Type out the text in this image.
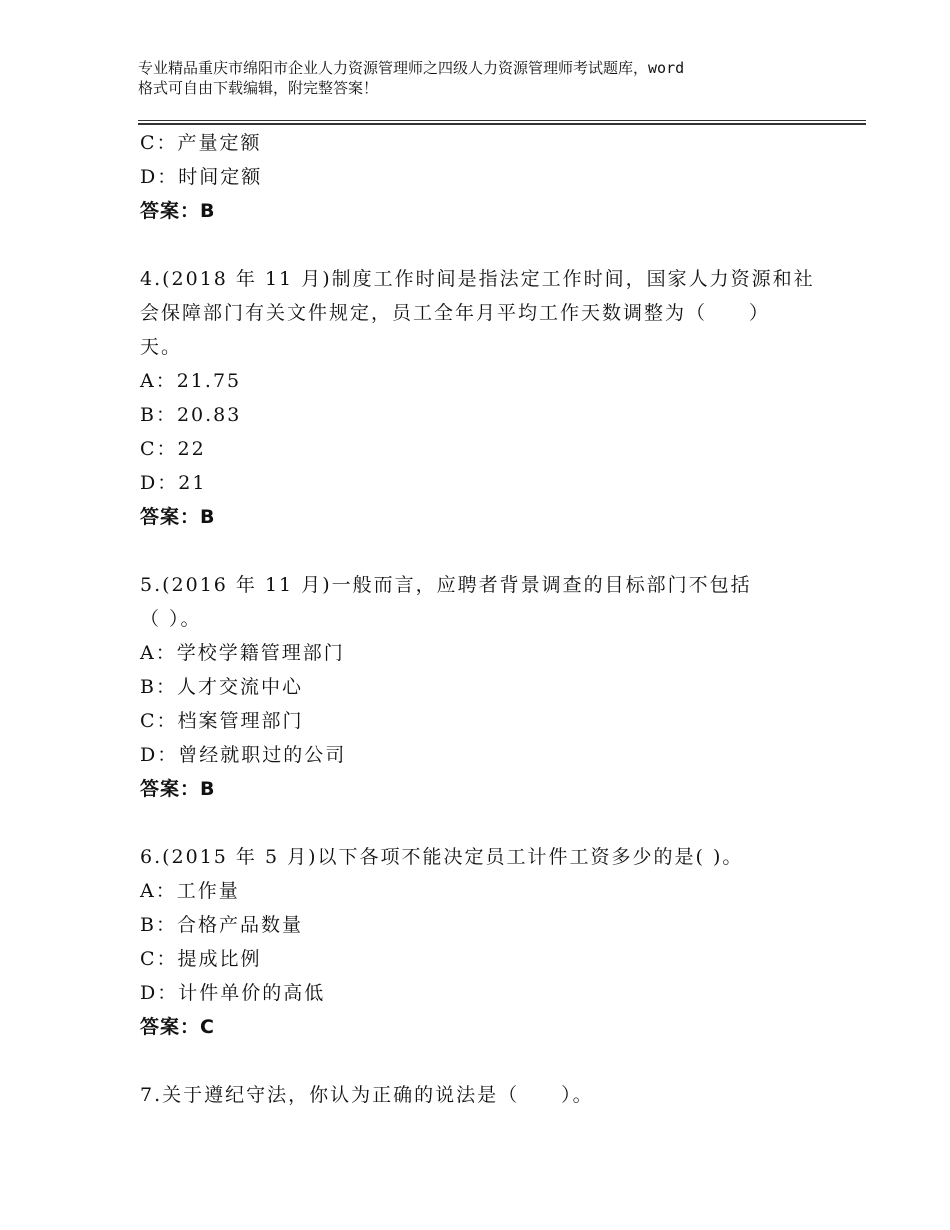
专业精品重庆市绵阳市企业人力资源管理师之四级人力资源管理师考试题库，word
格式可自由下载编辑，附完整答案！
C：产量定额
D：时间定额
答案：B
4.(2018 年 11 月)制度工作时间是指法定工作时间，国家人力资源和社
会保障部门有关文件规定，员工全年月平均工作天数调整为（　　）
天。
A：21.75
B：20.83
C：22
D：21
答案：B
5.(2016 年 11 月)一般而言，应聘者背景调查的目标部门不包括
（ ）。
A：学校学籍管理部门
B：人才交流中心
C：档案管理部门
D：曾经就职过的公司
答案：B
6.(2015 年 5 月)以下各项不能决定员工计件工资多少的是( )。
A：工作量
B：合格产品数量
C：提成比例
D：计件单价的高低
答案：C
7.关于遵纪守法，你认为正确的说法是（　　）。
